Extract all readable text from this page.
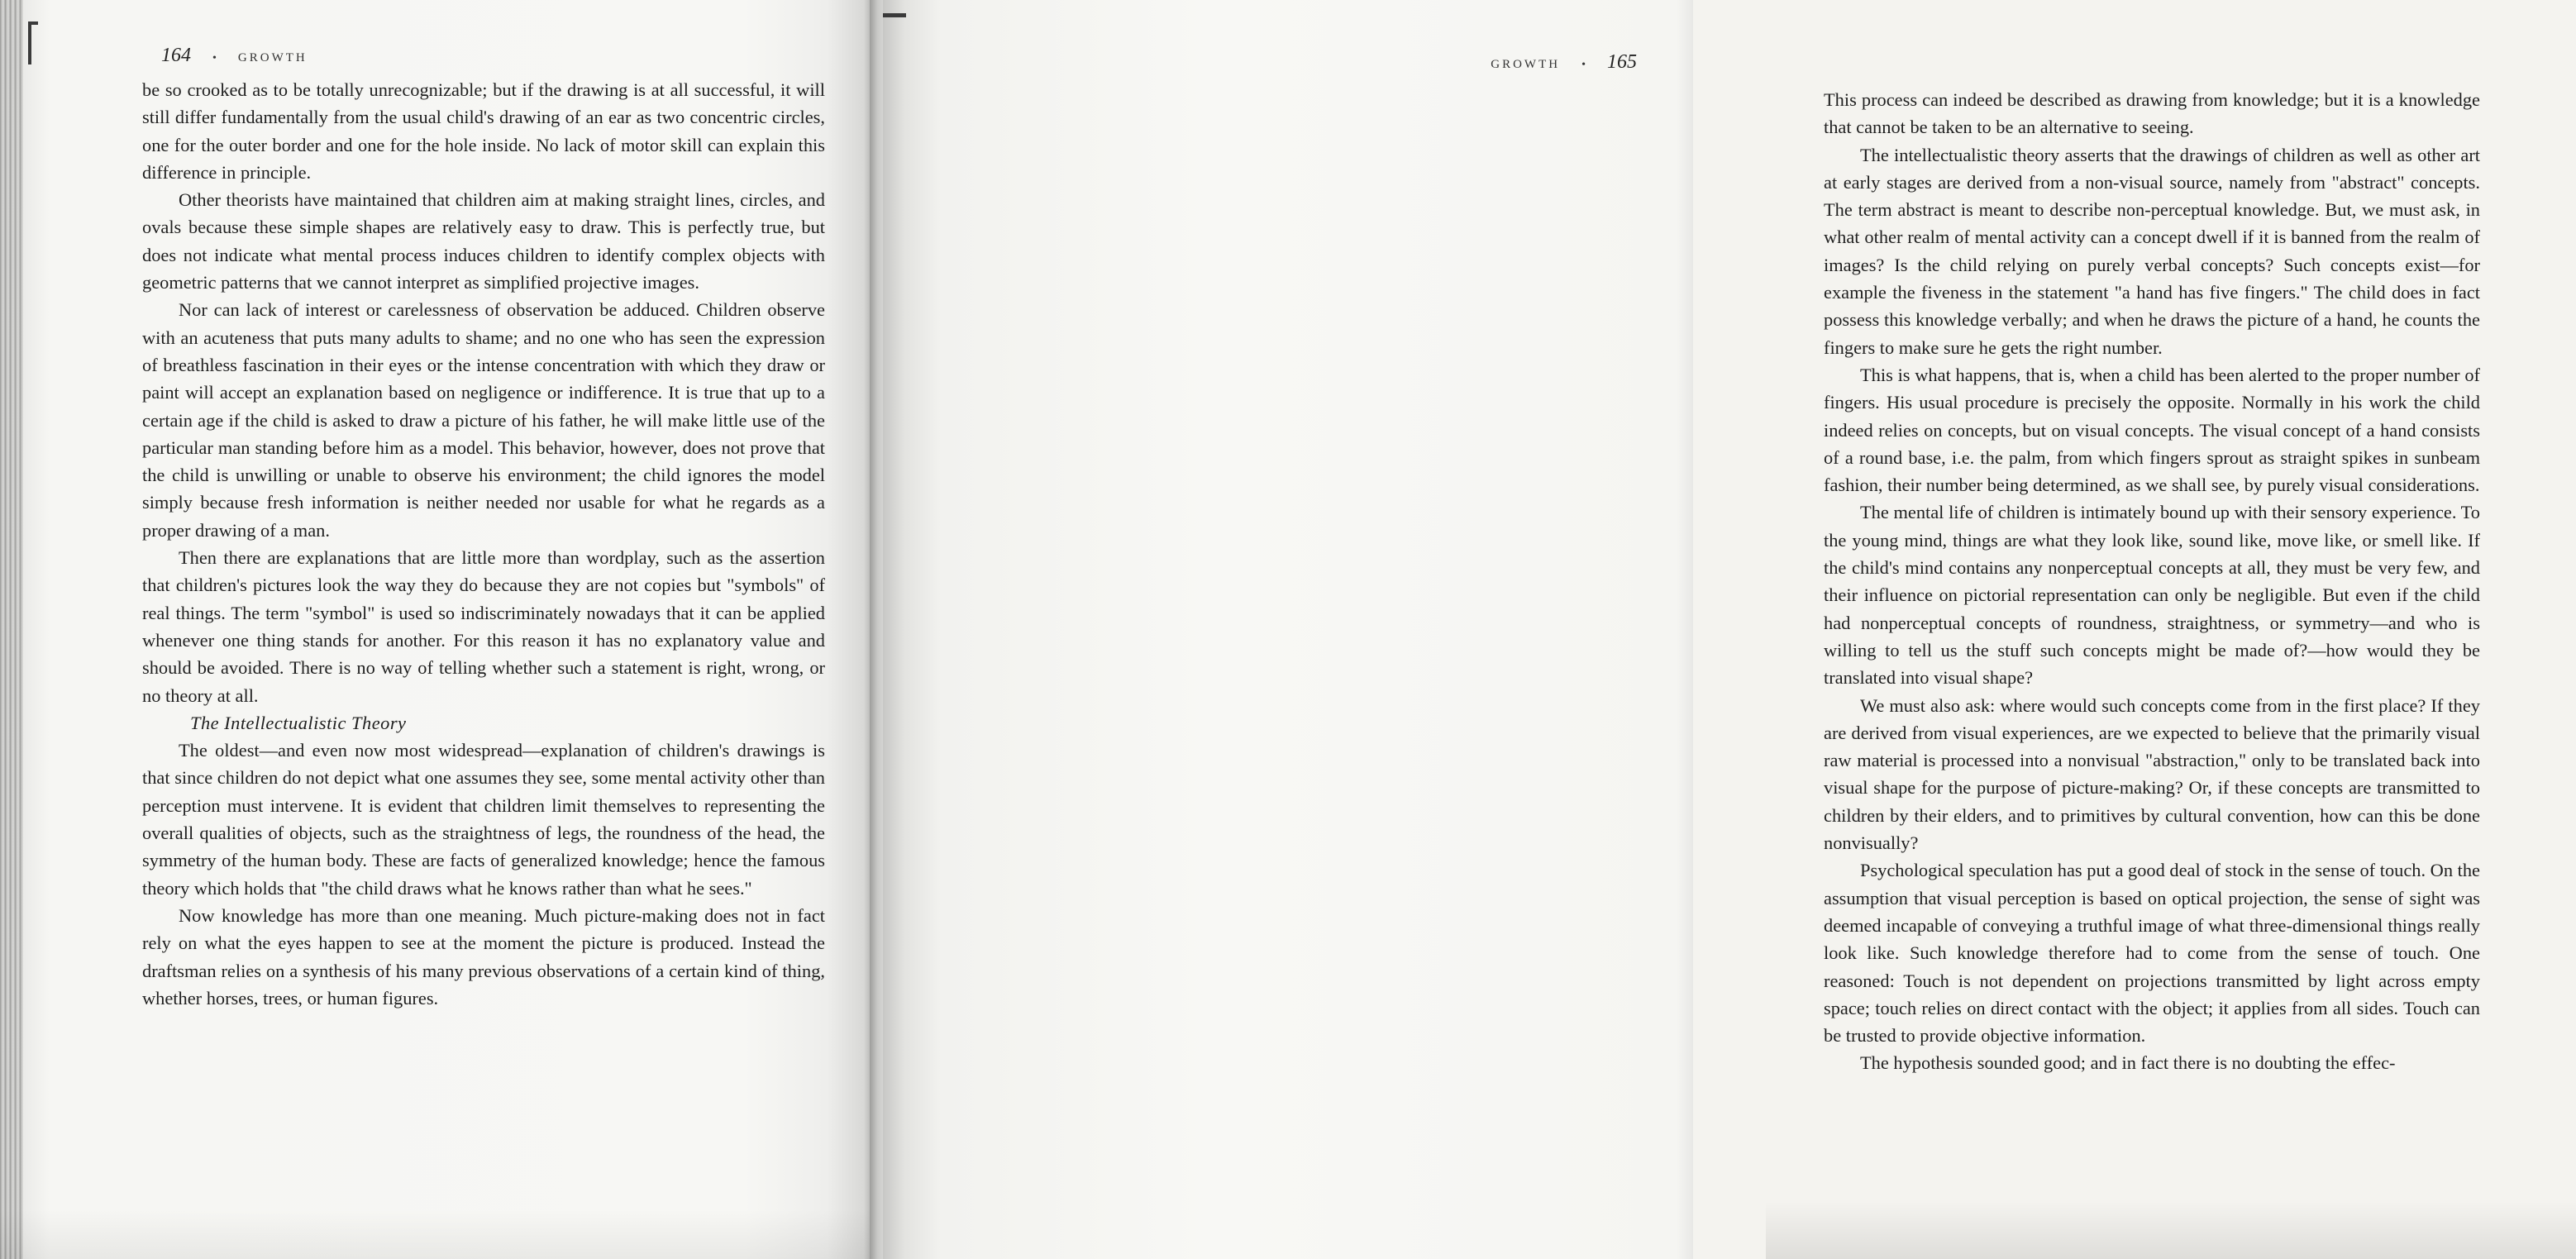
164 • GROWTH

be so crooked as to be totally unrecognizable; but if the drawing is at all successful, it will still differ fundamentally from the usual child's drawing of an ear as two concentric circles, one for the outer border and one for the hole inside. No lack of motor skill can explain this difference in principle.

Other theorists have maintained that children aim at making straight lines, circles, and ovals because these simple shapes are relatively easy to draw. This is perfectly true, but does not indicate what mental process induces children to identify complex objects with geometric patterns that we cannot interpret as simplified projective images.

Nor can lack of interest or carelessness of observation be adduced. Children observe with an acuteness that puts many adults to shame; and no one who has seen the expression of breathless fascination in their eyes or the intense concentration with which they draw or paint will accept an explanation based on negligence or indifference. It is true that up to a certain age if the child is asked to draw a picture of his father, he will make little use of the particular man standing before him as a model. This behavior, however, does not prove that the child is unwilling or unable to observe his environment; the child ignores the model simply because fresh information is neither needed nor usable for what he regards as a proper drawing of a man.

Then there are explanations that are little more than wordplay, such as the assertion that children's pictures look the way they do because they are not copies but "symbols" of real things. The term "symbol" is used so indiscriminately nowadays that it can be applied whenever one thing stands for another. For this reason it has no explanatory value and should be avoided. There is no way of telling whether such a statement is right, wrong, or no theory at all.

The Intellectualistic Theory

The oldest—and even now most widespread—explanation of children's drawings is that since children do not depict what one assumes they see, some mental activity other than perception must intervene. It is evident that children limit themselves to representing the overall qualities of objects, such as the straightness of legs, the roundness of the head, the symmetry of the human body. These are facts of generalized knowledge; hence the famous theory which holds that "the child draws what he knows rather than what he sees."

Now knowledge has more than one meaning. Much picture-making does not in fact rely on what the eyes happen to see at the moment the picture is produced. Instead the draftsman relies on a synthesis of his many previous observations of a certain kind of thing, whether horses, trees, or human figures.

GROWTH • 165

This process can indeed be described as drawing from knowledge; but it is a knowledge that cannot be taken to be an alternative to seeing.

The intellectualistic theory asserts that the drawings of children as well as other art at early stages are derived from a non-visual source, namely from "abstract" concepts. The term abstract is meant to describe non-perceptual knowledge. But, we must ask, in what other realm of mental activity can a concept dwell if it is banned from the realm of images? Is the child relying on purely verbal concepts? Such concepts exist—for example the fiveness in the statement "a hand has five fingers." The child does in fact possess this knowledge verbally; and when he draws the picture of a hand, he counts the fingers to make sure he gets the right number.

This is what happens, that is, when a child has been alerted to the proper number of fingers. His usual procedure is precisely the opposite. Normally in his work the child indeed relies on concepts, but on visual concepts. The visual concept of a hand consists of a round base, i.e. the palm, from which fingers sprout as straight spikes in sunbeam fashion, their number being determined, as we shall see, by purely visual considerations.

The mental life of children is intimately bound up with their sensory experience. To the young mind, things are what they look like, sound like, move like, or smell like. If the child's mind contains any nonperceptual concepts at all, they must be very few, and their influence on pictorial representation can only be negligible. But even if the child had nonperceptual concepts of roundness, straightness, or symmetry—and who is willing to tell us the stuff such concepts might be made of?—how would they be translated into visual shape?

We must also ask: where would such concepts come from in the first place? If they are derived from visual experiences, are we expected to believe that the primarily visual raw material is processed into a nonvisual "abstraction," only to be translated back into visual shape for the purpose of picture-making? Or, if these concepts are transmitted to children by their elders, and to primitives by cultural convention, how can this be done nonvisually?

Psychological speculation has put a good deal of stock in the sense of touch. On the assumption that visual perception is based on optical projection, the sense of sight was deemed incapable of conveying a truthful image of what three-dimensional things really look like. Such knowledge therefore had to come from the sense of touch. One reasoned: Touch is not dependent on projections transmitted by light across empty space; touch relies on direct contact with the object; it applies from all sides. Touch can be trusted to provide objective information.

The hypothesis sounded good; and in fact there is no doubting the effec-
